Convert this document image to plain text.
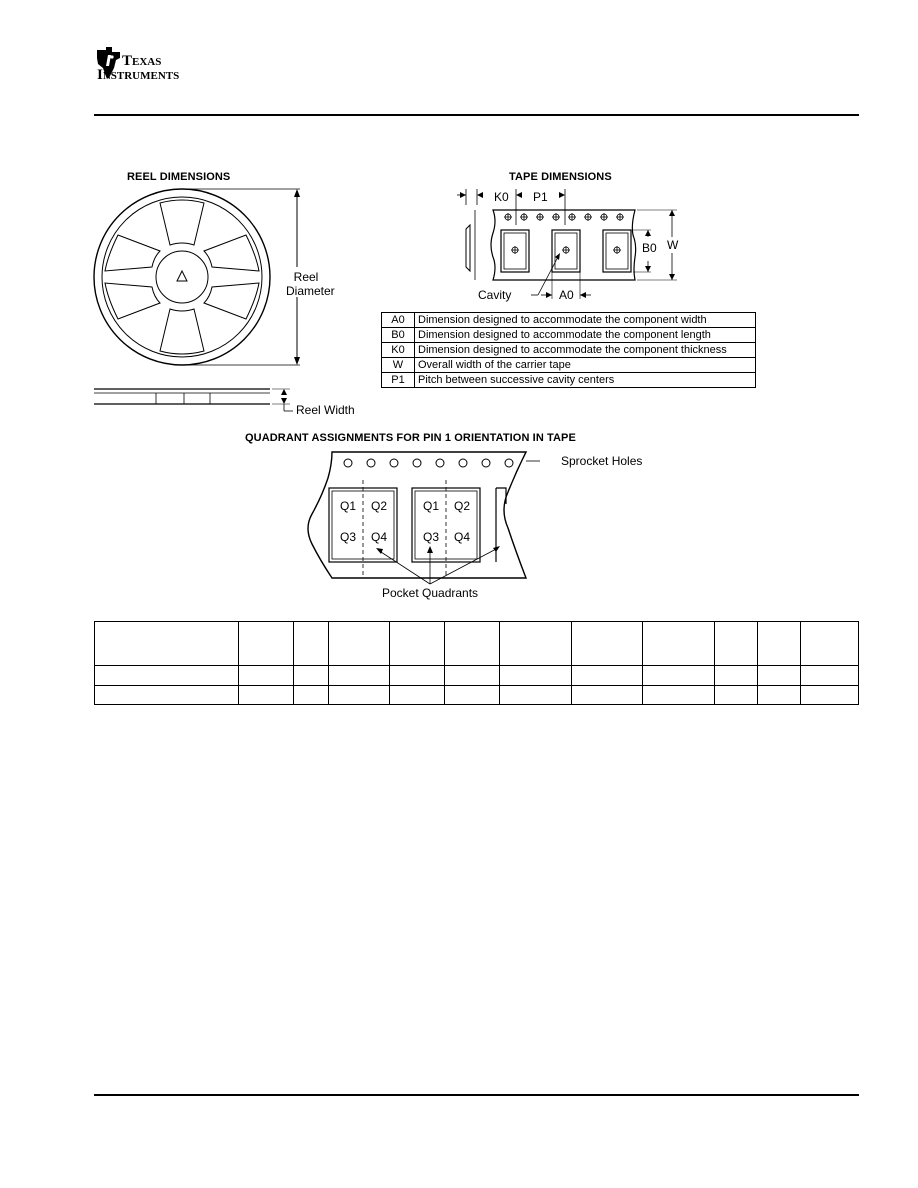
Texas
Instruments
REEL DIMENSIONS
Reel
Diameter
Reel Width
TAPE DIMENSIONS
K0 P1
B0 W
Cavity	A0
A0	Dimension designed to accommodate the component width
B0	Dimension designed to accommodate the component length
K0	Dimension designed to accommodate the component thickness
W	Overall width of the carrier tape
P1	Pitch between successive cavity centers
QUADRANT ASSIGNMENTS FOR PIN 1 ORIENTATION IN TAPE
Q1 Q2
Q3 Q4
Q1 Q2
Q3 Q4
Sprocket Holes
Pocket Quadrants
